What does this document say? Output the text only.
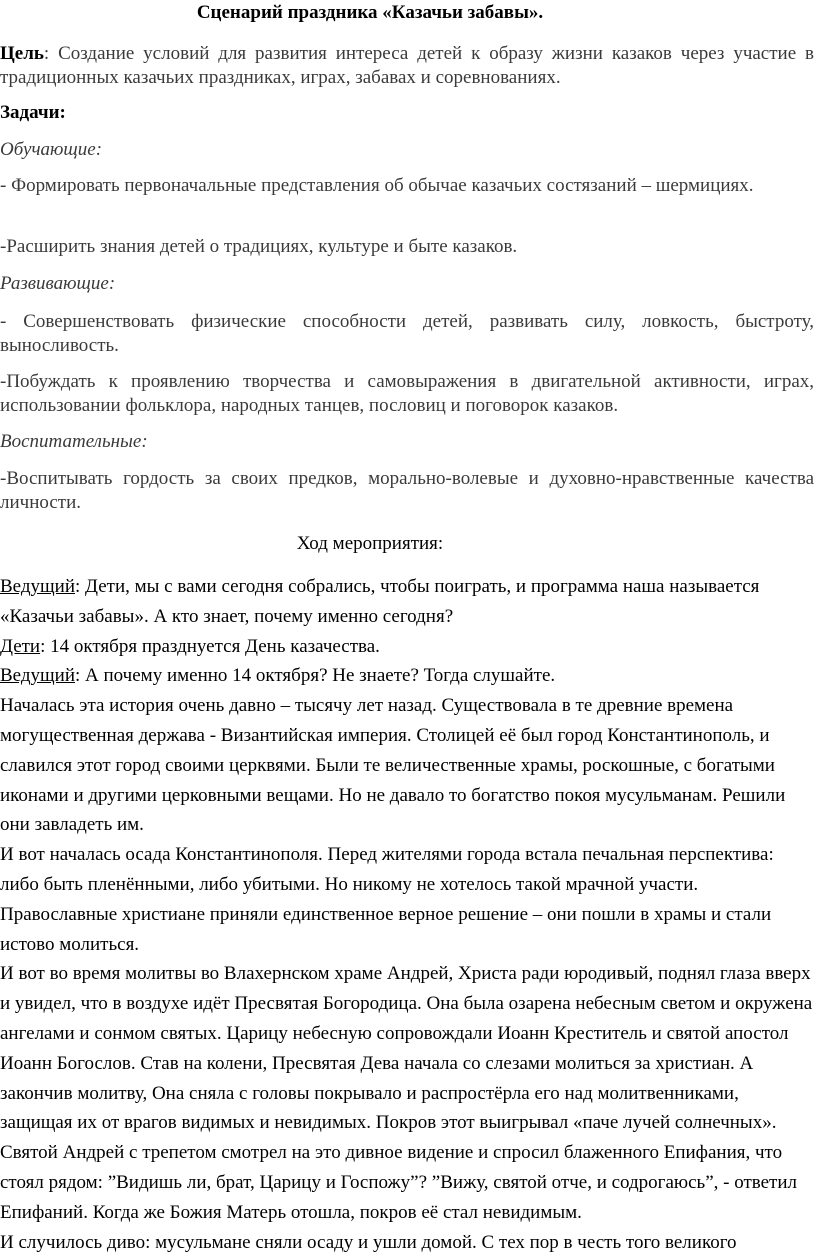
Сценарий праздника «Казачьи забавы».

Цель: Создание условий для развития интереса детей к образу жизни казаков через участие в традиционных казачьих праздниках, играх, забавах и соревнованиях.

Задачи:

Обучающие:

- Формировать первоначальные представления об обычае казачьих состязаний – шермициях.

-Расширить знания детей о традициях, культуре и быте казаков.

Развивающие:

- Совершенствовать физические способности детей, развивать силу, ловкость, быстроту, выносливость.

-Побуждать к проявлению творчества и самовыражения в двигательной активности, играх, использовании фольклора, народных танцев, пословиц и поговорок казаков.

Воспитательные:

-Воспитывать гордость за своих предков, морально-волевые и духовно-нравственные качества личности.

Ход мероприятия:

Ведущий: Дети, мы с вами сегодня собрались, чтобы поиграть, и программа наша называется «Казачьи забавы». А кто знает, почему именно сегодня?

Дети: 14 октября празднуется День казачества.

Ведущий: А почему именно 14 октября? Не знаете? Тогда слушайте.

Началась эта история очень давно – тысячу лет назад. Существовала в те древние времена могущественная держава - Византийская империя. Столицей её был город Константинополь, и славился этот город своими церквями. Были те величественные храмы, роскошные, с богатыми иконами и другими церковными вещами. Но не давало то богатство покоя мусульманам. Решили они завладеть им.

И вот началась осада Константинополя. Перед жителями города встала печальная перспектива: либо быть пленёнными, либо убитыми. Но никому не хотелось такой мрачной участи. Православные христиане приняли единственное верное решение – они пошли в храмы и стали истово молиться.

И вот во время молитвы во Влахернском храме Андрей, Христа ради юродивый, поднял глаза вверх и увидел, что в воздухе идёт Пресвятая Богородица. Она была озарена небесным светом и окружена ангелами и сонмом святых. Царицу небесную сопровождали Иоанн Креститель и святой апостол Иоанн Богослов. Став на колени, Пресвятая Дева начала со слезами молиться за христиан. А закончив молитву, Она сняла с головы покрывало и распростёрла его над молитвенниками, защищая их от врагов видимых и невидимых. Покров этот выигрывал «паче лучей солнечных». Святой Андрей с трепетом смотрел на это дивное видение и спросил блаженного Епифания, что стоял рядом: ”Видишь ли, брат, Царицу и Госпожу”? ”Вижу, святой отче, и содрогаюсь”, - ответил Епифаний. Когда же Божия Матерь отошла, покров её стал невидимым.

И случилось диво: мусульмане сняли осаду и ушли домой. С тех пор в честь того великого
